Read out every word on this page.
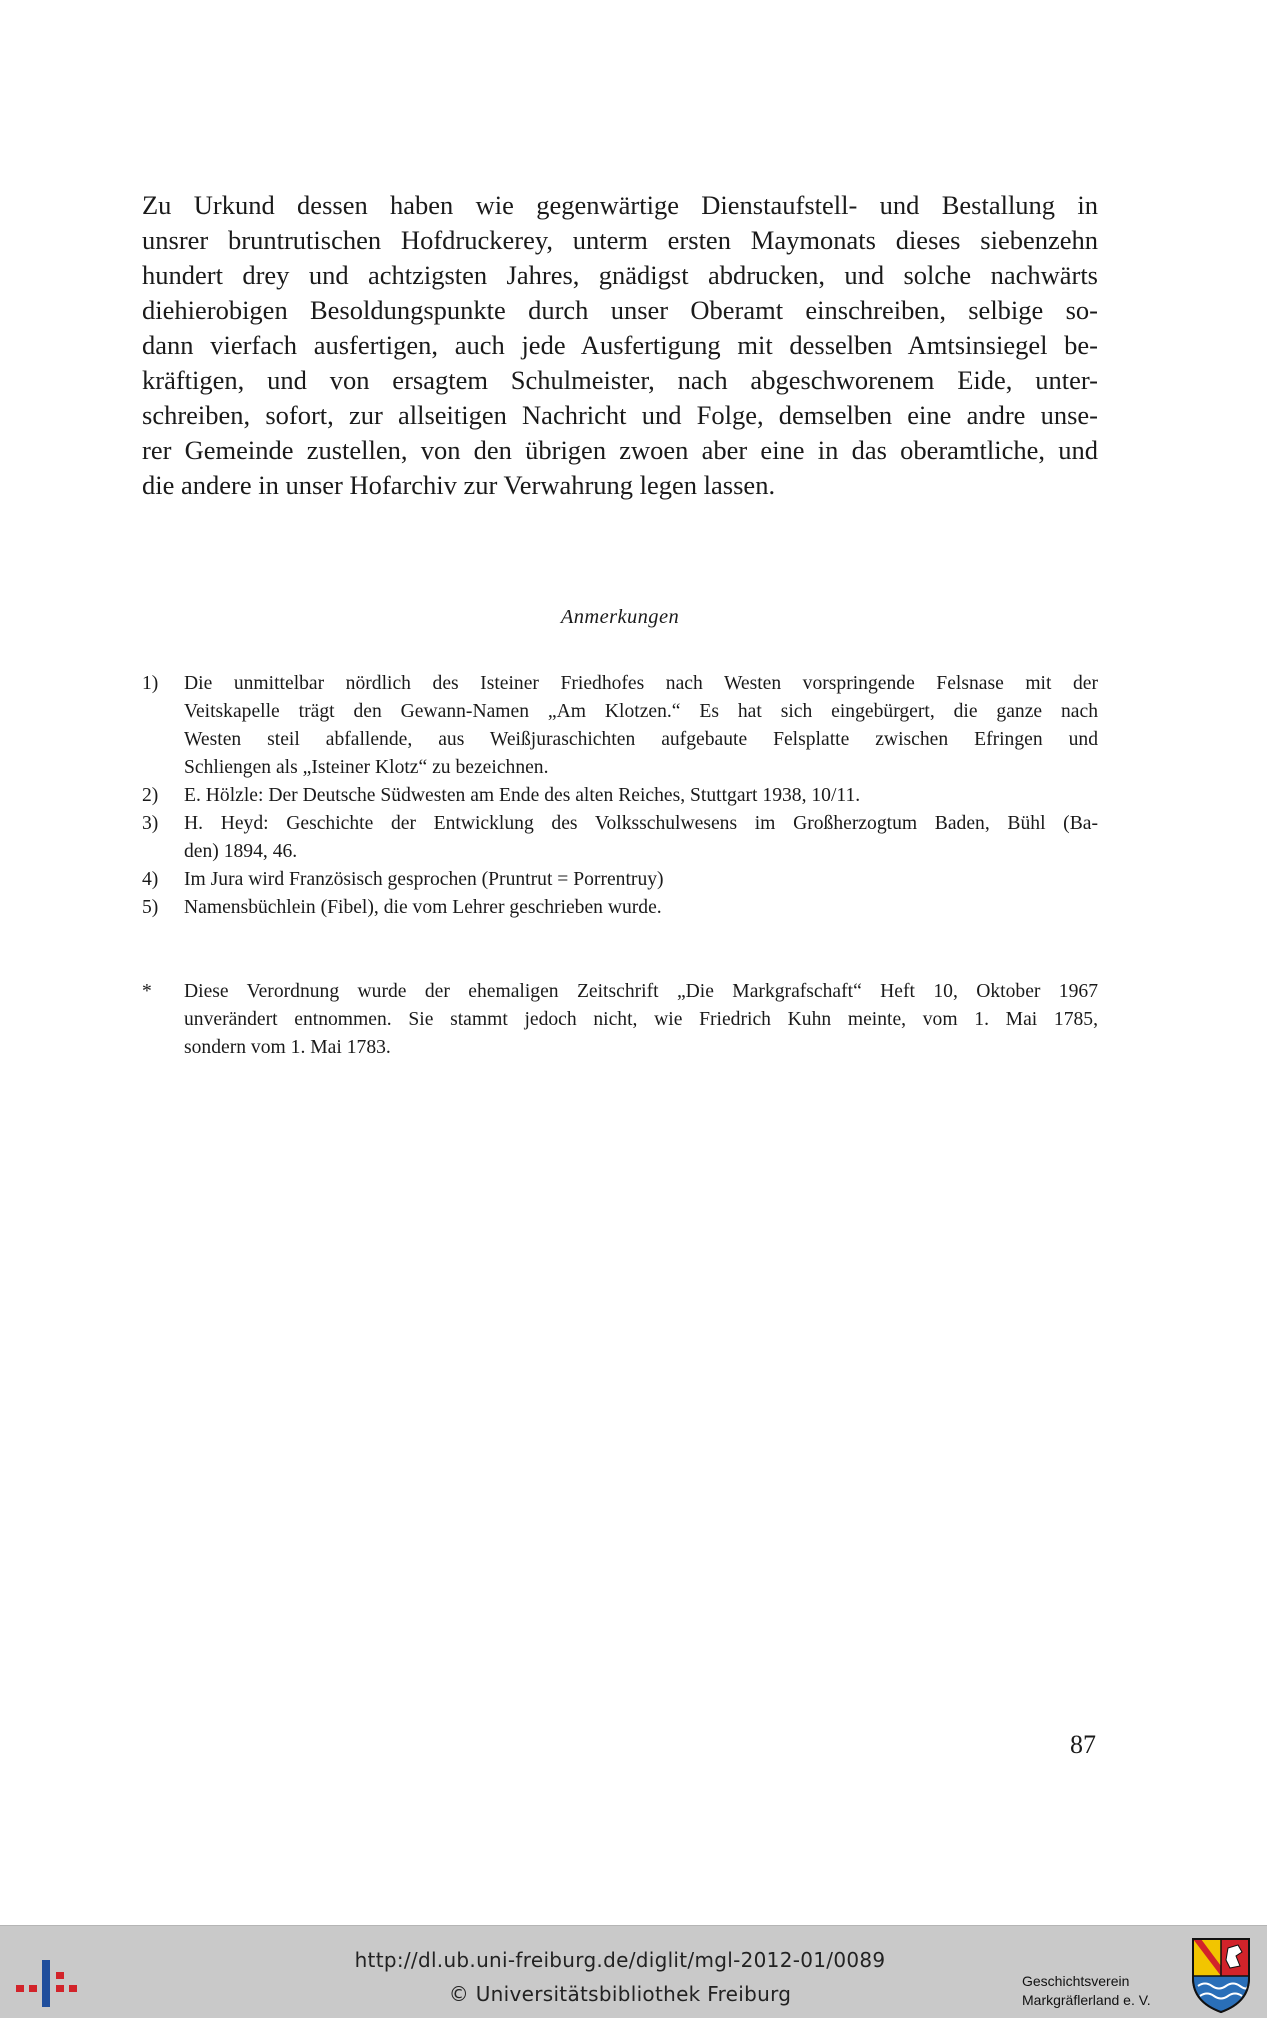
Zu Urkund dessen haben wie gegenwärtige Dienstaufstell- und Bestallung in
unsrer bruntrutischen Hofdruckerey, unterm ersten Maymonats dieses siebenzehn
hundert drey und achtzigsten Jahres, gnädigst abdrucken, und solche nachwärts
diehierobigen Besoldungspunkte durch unser Oberamt einschreiben, selbige so-
dann vierfach ausfertigen, auch jede Ausfertigung mit desselben Amtsinsiegel be-
kräftigen, und von ersagtem Schulmeister, nach abgeschworenem Eide, unter-
schreiben, sofort, zur allseitigen Nachricht und Folge, demselben eine andre unse-
rer Gemeinde zustellen, von den übrigen zwoen aber eine in das oberamtliche, und
die andere in unser Hofarchiv zur Verwahrung legen lassen.
Anmerkungen
1) Die unmittelbar nördlich des Isteiner Friedhofes nach Westen vorspringende Felsnase mit der
Veitskapelle trägt den Gewann-Namen „Am Klotzen.“ Es hat sich eingebürgert, die ganze nach
Westen steil abfallende, aus Weißjuraschichten aufgebaute Felsplatte zwischen Efringen und
Schliengen als „Isteiner Klotz“ zu bezeichnen.
2) E. Hölzle: Der Deutsche Südwesten am Ende des alten Reiches, Stuttgart 1938, 10/11.
3) H. Heyd: Geschichte der Entwicklung des Volksschulwesens im Großherzogtum Baden, Bühl (Ba-
den) 1894, 46.
4) Im Jura wird Französisch gesprochen (Pruntrut = Porrentruy)
5) Namensbüchlein (Fibel), die vom Lehrer geschrieben wurde.
* Diese Verordnung wurde der ehemaligen Zeitschrift „Die Markgrafschaft“ Heft 10, Oktober 1967
unverändert entnommen. Sie stammt jedoch nicht, wie Friedrich Kuhn meinte, vom 1. Mai 1785,
sondern vom 1. Mai 1783.
87
http://dl.ub.uni-freiburg.de/diglit/mgl-2012-01/0089
© Universitätsbibliothek Freiburg
Geschichtsverein
Markgräflerland e. V.
